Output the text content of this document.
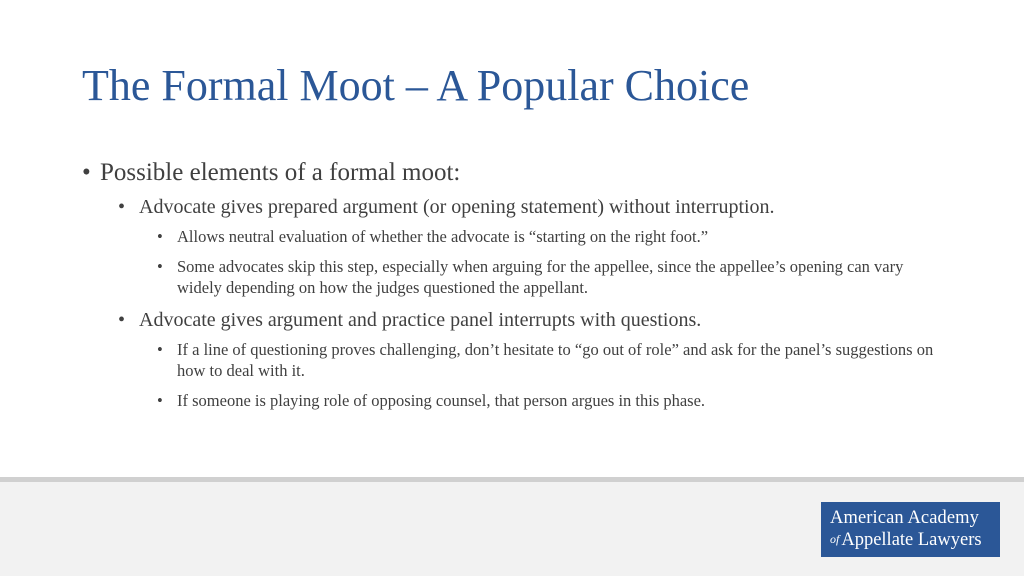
The Formal Moot – A Popular Choice
• Possible elements of a formal moot:
• Advocate gives prepared argument (or opening statement) without interruption.
• Allows neutral evaluation of whether the advocate is “starting on the right foot.”
• Some advocates skip this step, especially when arguing for the appellee, since the appellee’s opening can vary widely depending on how the judges questioned the appellant.
• Advocate gives argument and practice panel interrupts with questions.
• If a line of questioning proves challenging, don’t hesitate to “go out of role” and ask for the panel’s suggestions on how to deal with it.
• If someone is playing role of opposing counsel, that person argues in this phase.
American Academy
of Appellate Lawyers
